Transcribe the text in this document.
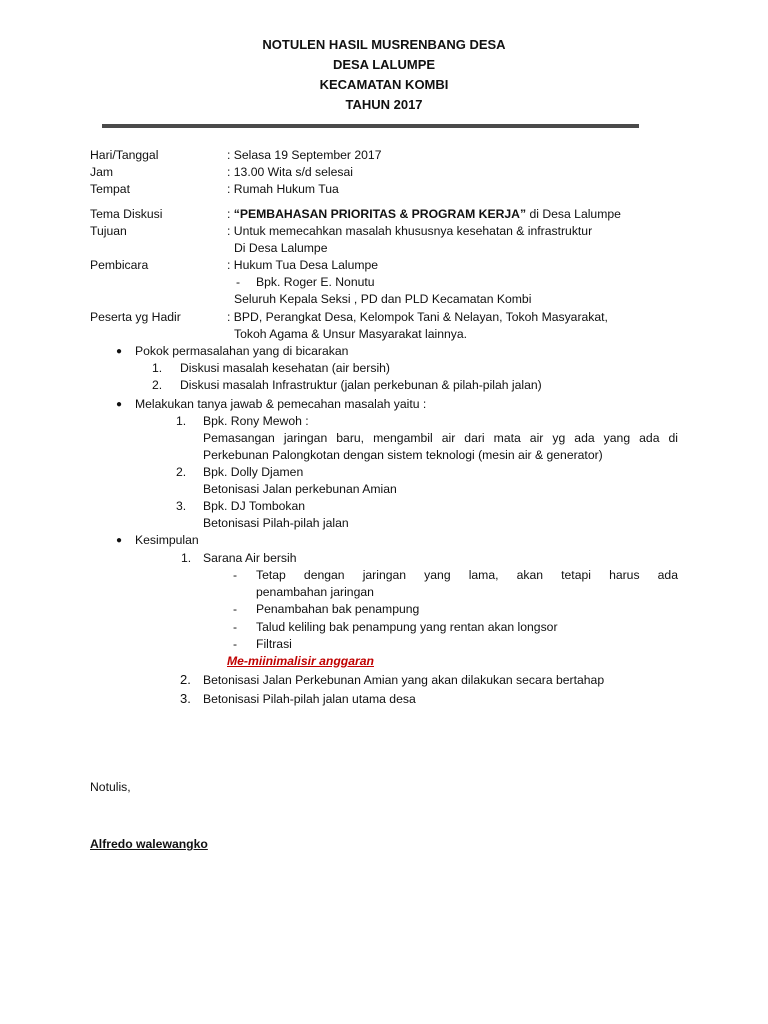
NOTULEN HASIL MUSRENBANG DESA
DESA LALUMPE
KECAMATAN KOMBI
TAHUN 2017
Hari/Tanggal	: Selasa 19 September 2017
Jam	: 13.00 Wita s/d selesai
Tempat	: Rumah Hukum Tua
Tema Diskusi	: “PEMBAHASAN PRIORITAS & PROGRAM KERJA” di Desa Lalumpe
Tujuan	: Untuk memecahkan masalah khususnya kesehatan & infrastruktur
Di Desa Lalumpe
Pembicara	: Hukum Tua Desa Lalumpe
- Bpk. Roger E. Nonutu
Seluruh Kepala Seksi , PD dan PLD Kecamatan Kombi
Peserta yg Hadir	: BPD, Perangkat Desa, Kelompok Tani & Nelayan, Tokoh Masyarakat,
Tokoh Agama & Unsur Masyarakat lainnya.
● Pokok permasalahan yang di bicarakan
1. Diskusi masalah kesehatan (air bersih)
2. Diskusi masalah Infrastruktur (jalan perkebunan & pilah-pilah jalan)
● Melakukan tanya jawab & pemecahan masalah yaitu :
1. Bpk. Rony Mewoh :
Pemasangan jaringan baru, mengambil air dari mata air yg ada yang ada di
Perkebunan Palongkotan dengan sistem teknologi (mesin air & generator)
2. Bpk. Dolly Djamen
Betonisasi Jalan perkebunan Amian
3. Bpk. DJ Tombokan
Betonisasi Pilah-pilah jalan
● Kesimpulan
1. Sarana Air bersih
- Tetap dengan jaringan yang lama, akan tetapi harus ada
penambahan jaringan
- Penambahan bak penampung
- Talud keliling bak penampung yang rentan akan longsor
- Filtrasi
Me-miinimalisir anggaran
2. Betonisasi Jalan Perkebunan Amian yang akan dilakukan secara bertahap
3. Betonisasi Pilah-pilah jalan utama desa
Notulis,
Alfredo walewangko
